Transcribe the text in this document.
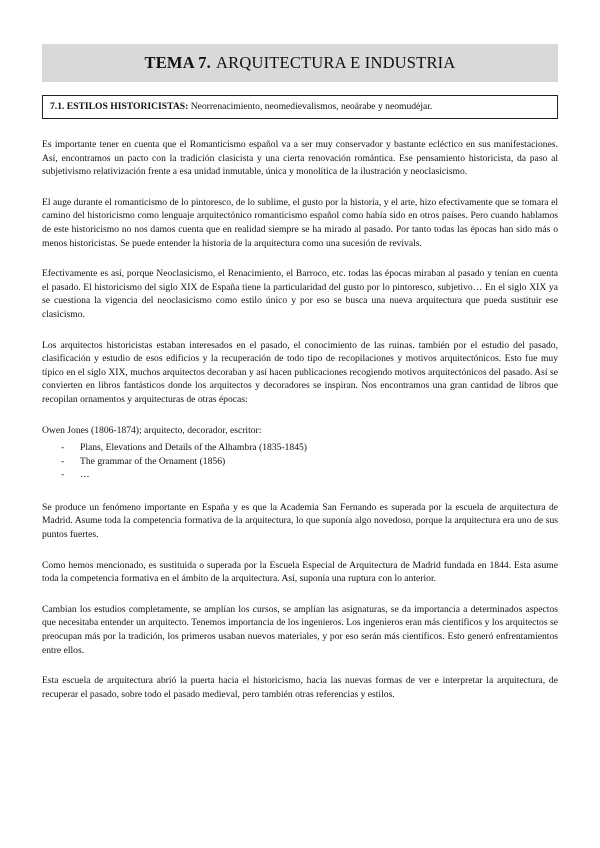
TEMA 7. ARQUITECTURA E INDUSTRIA
7.1. ESTILOS HISTORICISTAS: Neorrenacimiento, neomedievalismos, neoárabe y neomudéjar.

Es importante tener en cuenta que el Romanticismo español va a ser muy conservador y bastante ecléctico en sus manifestaciones. Así, encontramos un pacto con la tradición clasicista y una cierta renovación romántica. Ese pensamiento historicista, da paso al subjetivismo relativización frente a esa unidad inmutable, única y monolítica de la ilustración y neoclasicismo.

El auge durante el romanticismo de lo pintoresco, de lo sublime, el gusto por la historia, y el arte, hizo efectivamente que se tomara el camino del historicismo como lenguaje arquitectónico romanticismo español como había sido en otros países. Pero cuando hablamos de este historicismo no nos damos cuenta que en realidad siempre se ha mirado al pasado. Por tanto todas las épocas han sido más o menos historicistas. Se puede entender la historia de la arquitectura como una sucesión de revivals.

Efectivamente es así, porque Neoclasicismo, el Renacimiento, el Barroco, etc. todas las épocas miraban al pasado y tenían en cuenta el pasado. El historicismo del siglo XIX de España tiene la particularidad del gusto por lo pintoresco, subjetivo… En el siglo XIX ya se cuestiona la vigencia del neoclasicismo como estilo único y por eso se busca una nueva arquitectura que pueda sustituir ese clasicismo.

Los arquitectos historicistas estaban interesados en el pasado, el conocimiento de las ruinas. también por el estudio del pasado, clasificación y estudio de esos edificios y la recuperación de todo tipo de recopilaciones y motivos arquitectónicos. Esto fue muy típico en el siglo XIX, muchos arquitectos decoraban y así hacen publicaciones recogiendo motivos arquitectónicos del pasado. Así se convierten en libros fantásticos donde los arquitectos y decoradores se inspiran. Nos encontramos una gran cantidad de libros que recopilan ornamentos y arquitecturas de otras épocas:

Owen Jones (1806-1874); arquitecto, decorador, escritor:

- Plans, Elevations and Details of the Alhambra (1835-1845)
- The grammar of the Ornament (1856)
- …

Se produce un fenómeno importante en España y es que la Academia San Fernando es superada por la escuela de arquitectura de Madrid. Asume toda la competencia formativa de la arquitectura, lo que suponía algo novedoso, porque la arquitectura era uno de sus puntos fuertes.

Como hemos mencionado, es sustituida o superada por la Escuela Especial de Arquitectura de Madrid fundada en 1844. Esta asume toda la competencia formativa en el ámbito de la arquitectura. Así, suponía una ruptura con lo anterior.

Cambian los estudios completamente, se amplían los cursos, se amplían las asignaturas, se da importancia a determinados aspectos que necesitaba entender un arquitecto. Tenemos importancia de los ingenieros. Los ingenieros eran más científicos y los arquitectos se preocupan más por la tradición, los primeros usaban nuevos materiales, y por eso serán más científicos. Esto generó enfrentamientos entre ellos.

Esta escuela de arquitectura abrió la puerta hacia el historicismo, hacia las nuevas formas de ver e interpretar la arquitectura, de recuperar el pasado, sobre todo el pasado medieval, pero también otras referencias y estilos.
